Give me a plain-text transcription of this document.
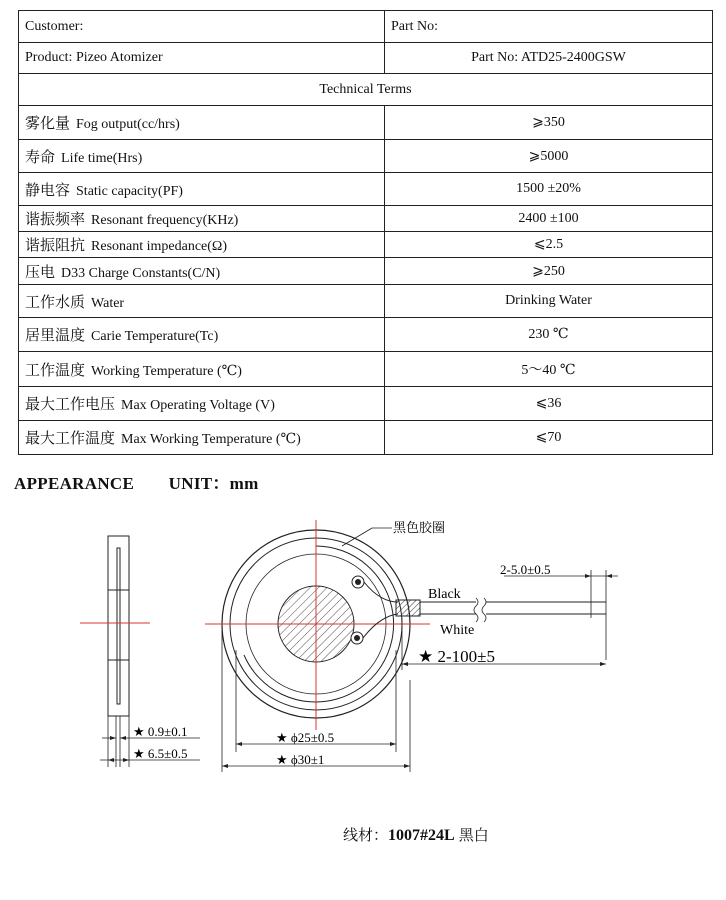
Customer:	Part No:
Product: Pizeo Atomizer	Part No: ATD25-2400GSW
Technical Terms	
雾化量 Fog output(cc/hrs)	⩾350
寿命 Life time(Hrs)	⩾5000
静电容 Static capacity(PF)	1500 ±20%
谐振频率 Resonant frequency(KHz)	2400 ±100
谐振阻抗 Resonant impedance(Ω)	⩽2.5
压电 D33 Charge Constants(C/N)	⩾250
工作水质 Water	Drinking Water
居里温度 Carie Temperature(Tc)	230 ℃
工作温度 Working Temperature (℃)	5～40 ℃
最大工作电压 Max Operating Voltage (V)	⩽36
最大工作温度 Max Working Temperature (℃)	⩽70
APPEARANCE UNIT：mm
★ 0.9±0.1
★ 6.5±0.5
2-5.0±0.5
Black
White
黑色胶圈
★ 2-100±5
★ ϕ25±0.5
★ ϕ30±1
线材：1007#24L 黑白
